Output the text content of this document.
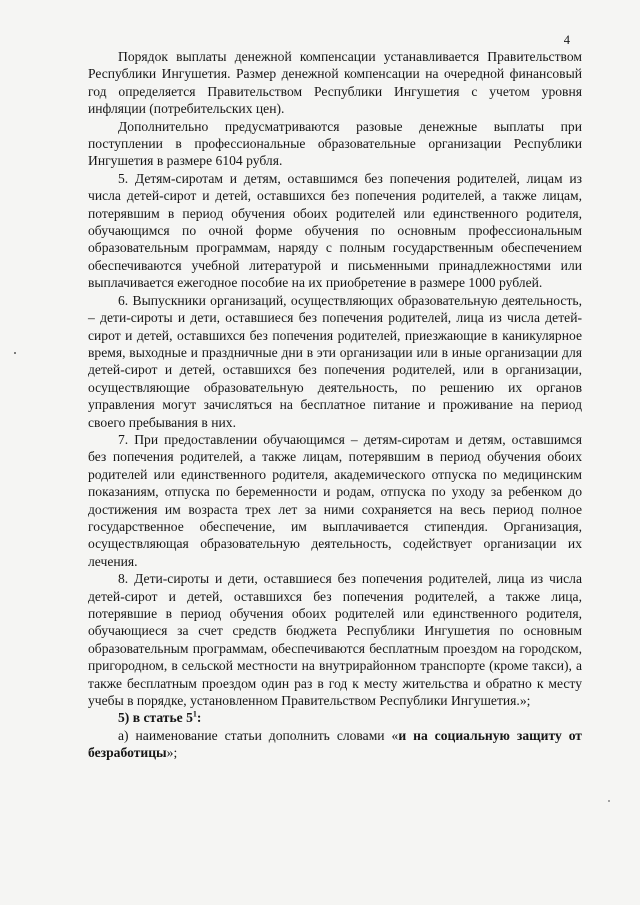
4

Порядок выплаты денежной компенсации устанавливается Правительством Республики Ингушетия. Размер денежной компенсации на очередной финансовый год определяется Правительством Республики Ингушетия с учетом уровня инфляции (потребительских цен).

Дополнительно предусматриваются разовые денежные выплаты при поступлении в профессиональные образовательные организации Республики Ингушетия в размере 6104 рубля.

5. Детям-сиротам и детям, оставшимся без попечения родителей, лицам из числа детей-сирот и детей, оставшихся без попечения родителей, а также лицам, потерявшим в период обучения обоих родителей или единственного родителя, обучающимся по очной форме обучения по основным профессиональным образовательным программам, наряду с полным государственным обеспечением обеспечиваются учебной литературой и письменными принадлежностями или выплачивается ежегодное пособие на их приобретение в размере 1000 рублей.

6. Выпускники организаций, осуществляющих образовательную деятельность, – дети-сироты и дети, оставшиеся без попечения родителей, лица из числа детей-сирот и детей, оставшихся без попечения родителей, приезжающие в каникулярное время, выходные и праздничные дни в эти организации или в иные организации для детей-сирот и детей, оставшихся без попечения родителей, или в организации, осуществляющие образовательную деятельность, по решению их органов управления могут зачисляться на бесплатное питание и проживание на период своего пребывания в них.

7. При предоставлении обучающимся – детям-сиротам и детям, оставшимся без попечения родителей, а также лицам, потерявшим в период обучения обоих родителей или единственного родителя, академического отпуска по медицинским показаниям, отпуска по беременности и родам, отпуска по уходу за ребенком до достижения им возраста трех лет за ними сохраняется на весь период полное государственное обеспечение, им выплачивается стипендия. Организация, осуществляющая образовательную деятельность, содействует организации их лечения.

8. Дети-сироты и дети, оставшиеся без попечения родителей, лица из числа детей-сирот и детей, оставшихся без попечения родителей, а также лица, потерявшие в период обучения обоих родителей или единственного родителя, обучающиеся за счет средств бюджета Республики Ингушетия по основным образовательным программам, обеспечиваются бесплатным проездом на городском, пригородном, в сельской местности на внутрирайонном транспорте (кроме такси), а также бесплатным проездом один раз в год к месту жительства и обратно к месту учебы в порядке, установленном Правительством Республики Ингушетия.»;

5) в статье $5^1$:

а) наименование статьи дополнить словами «и на социальную защиту от безработицы»;
